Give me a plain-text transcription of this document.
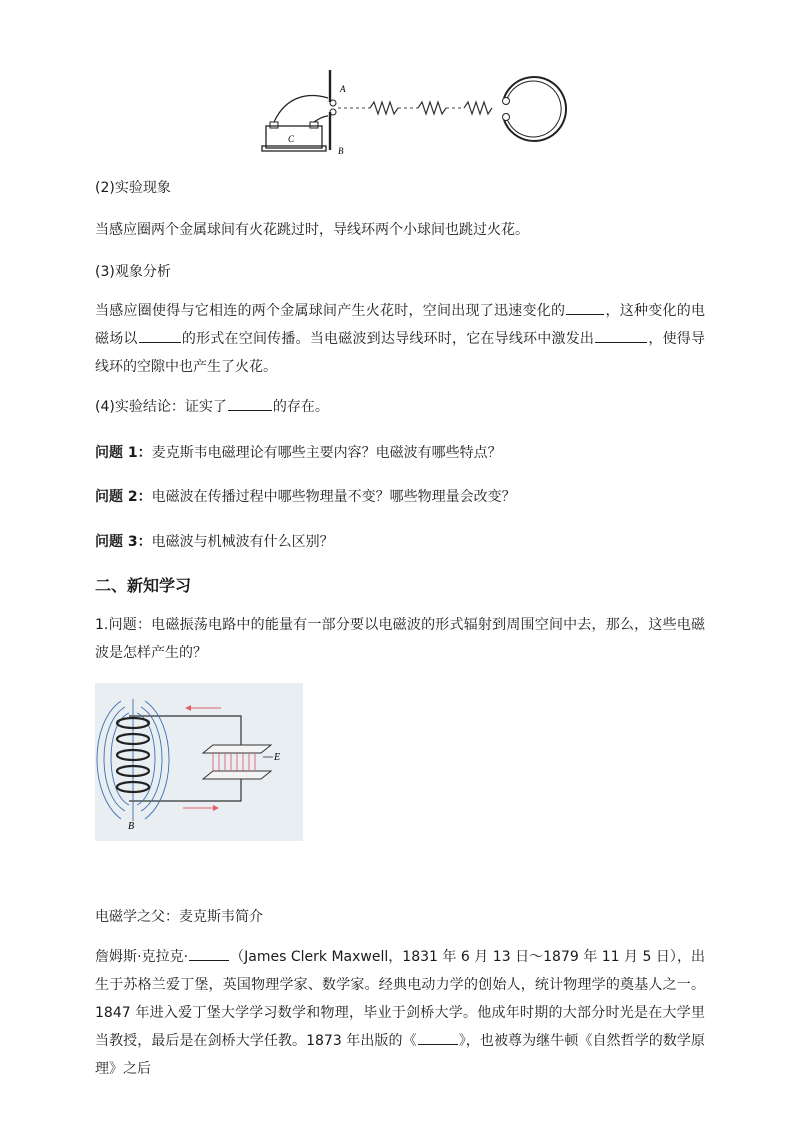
A
B
C
(2)实验现象
当感应圈两个金属球间有火花跳过时，导线环两个小球间也跳过火花。
(3)观象分析
当感应圈使得与它相连的两个金属球间产生火花时，空间出现了迅速变化的	，这种变化的电磁场以	的形式在空间传播。当电磁波到达导线环时，它在导线环中激发出	，使得导线环的空隙中也产生了火花。
(4)实验结论：证实了	的存在。
问题 1：麦克斯韦电磁理论有哪些主要内容？电磁波有哪些特点？
问题 2：电磁波在传播过程中哪些物理量不变？哪些物理量会改变？
问题 3：电磁波与机械波有什么区别？
二、新知学习
1.问题：电磁振荡电路中的能量有一部分要以电磁波的形式辐射到周围空间中去，那么，这些电磁波是怎样产生的？
E
B
电磁学之父：麦克斯韦简介
詹姆斯·克拉克·	（James Clerk Maxwell，1831 年 6 月 13 日～1879 年 11 月 5 日），出生于苏格兰爱丁堡，英国物理学家、数学家。经典电动力学的创始人，统计物理学的奠基人之一。1847 年进入爱丁堡大学学习数学和物理，毕业于剑桥大学。他成年时期的大部分时光是在大学里当教授，最后是在剑桥大学任教。1873 年出版的《	》，也被尊为继牛顿《自然哲学的数学原理》之后
